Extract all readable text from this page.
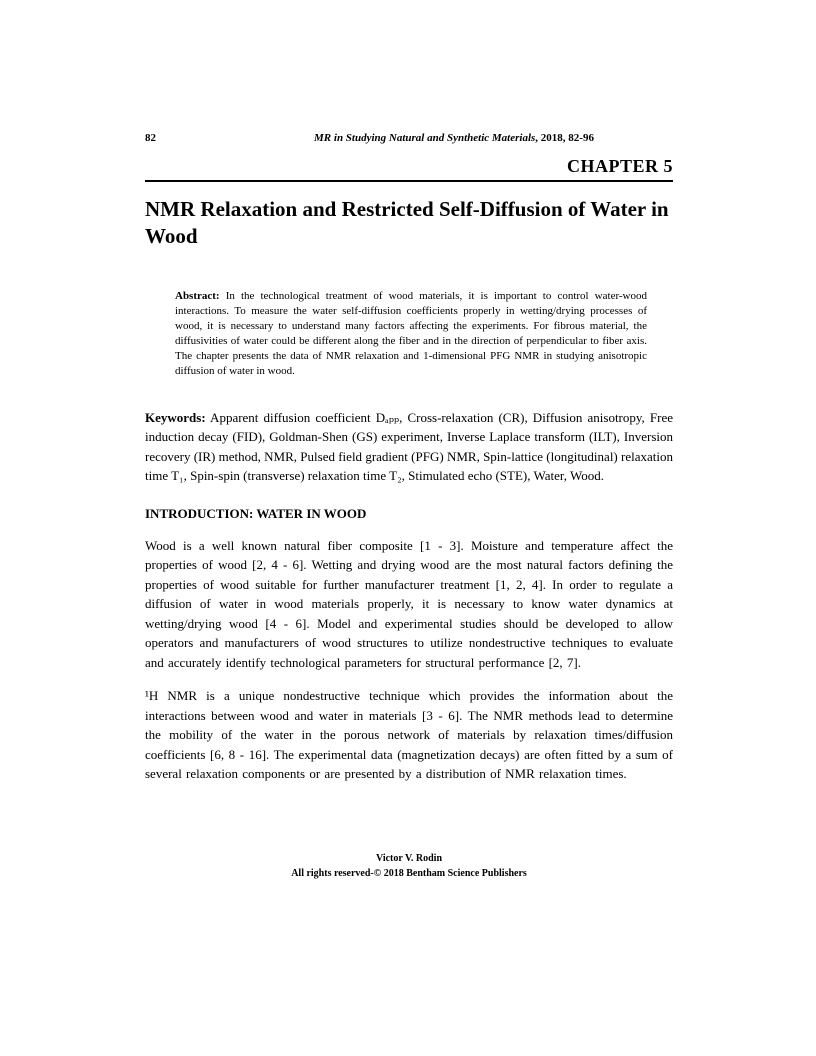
82	MR in Studying Natural and Synthetic Materials, 2018, 82-96
CHAPTER 5
NMR Relaxation and Restricted Self-Diffusion of Water in Wood

Abstract: In the technological treatment of wood materials, it is important to control water-wood interactions. To measure the water self-diffusion coefficients properly in wetting/drying processes of wood, it is necessary to understand many factors affecting the experiments. For fibrous material, the diffusivities of water could be different along the fiber and in the direction of perpendicular to fiber axis. The chapter presents the data of NMR relaxation and 1-dimensional PFG NMR in studying anisotropic diffusion of water in wood.

Keywords: Apparent diffusion coefficient Dₐₚₚ, Cross-relaxation (CR), Diffusion anisotropy, Free induction decay (FID), Goldman-Shen (GS) experiment, Inverse Laplace transform (ILT), Inversion recovery (IR) method, NMR, Pulsed field gradient (PFG) NMR, Spin-lattice (longitudinal) relaxation time T₁, Spin-spin (transverse) relaxation time T₂, Stimulated echo (STE), Water, Wood.

INTRODUCTION: WATER IN WOOD

Wood is a well known natural fiber composite [1 - 3]. Moisture and temperature affect the properties of wood [2, 4 - 6]. Wetting and drying wood are the most natural factors defining the properties of wood suitable for further manufacturer treatment [1, 2, 4]. In order to regulate a diffusion of water in wood materials properly, it is necessary to know water dynamics at wetting/drying wood [4 - 6]. Model and experimental studies should be developed to allow operators and manufacturers of wood structures to utilize nondestructive techniques to evaluate and accurately identify technological parameters for structural performance [2, 7].

¹H NMR is a unique nondestructive technique which provides the information about the interactions between wood and water in materials [3 - 6]. The NMR methods lead to determine the mobility of the water in the porous network of materials by relaxation times/diffusion coefficients [6, 8 - 16]. The experimental data (magnetization decays) are often fitted by a sum of several relaxation components or are presented by a distribution of NMR relaxation times.

Victor V. Rodin
All rights reserved-© 2018 Bentham Science Publishers
